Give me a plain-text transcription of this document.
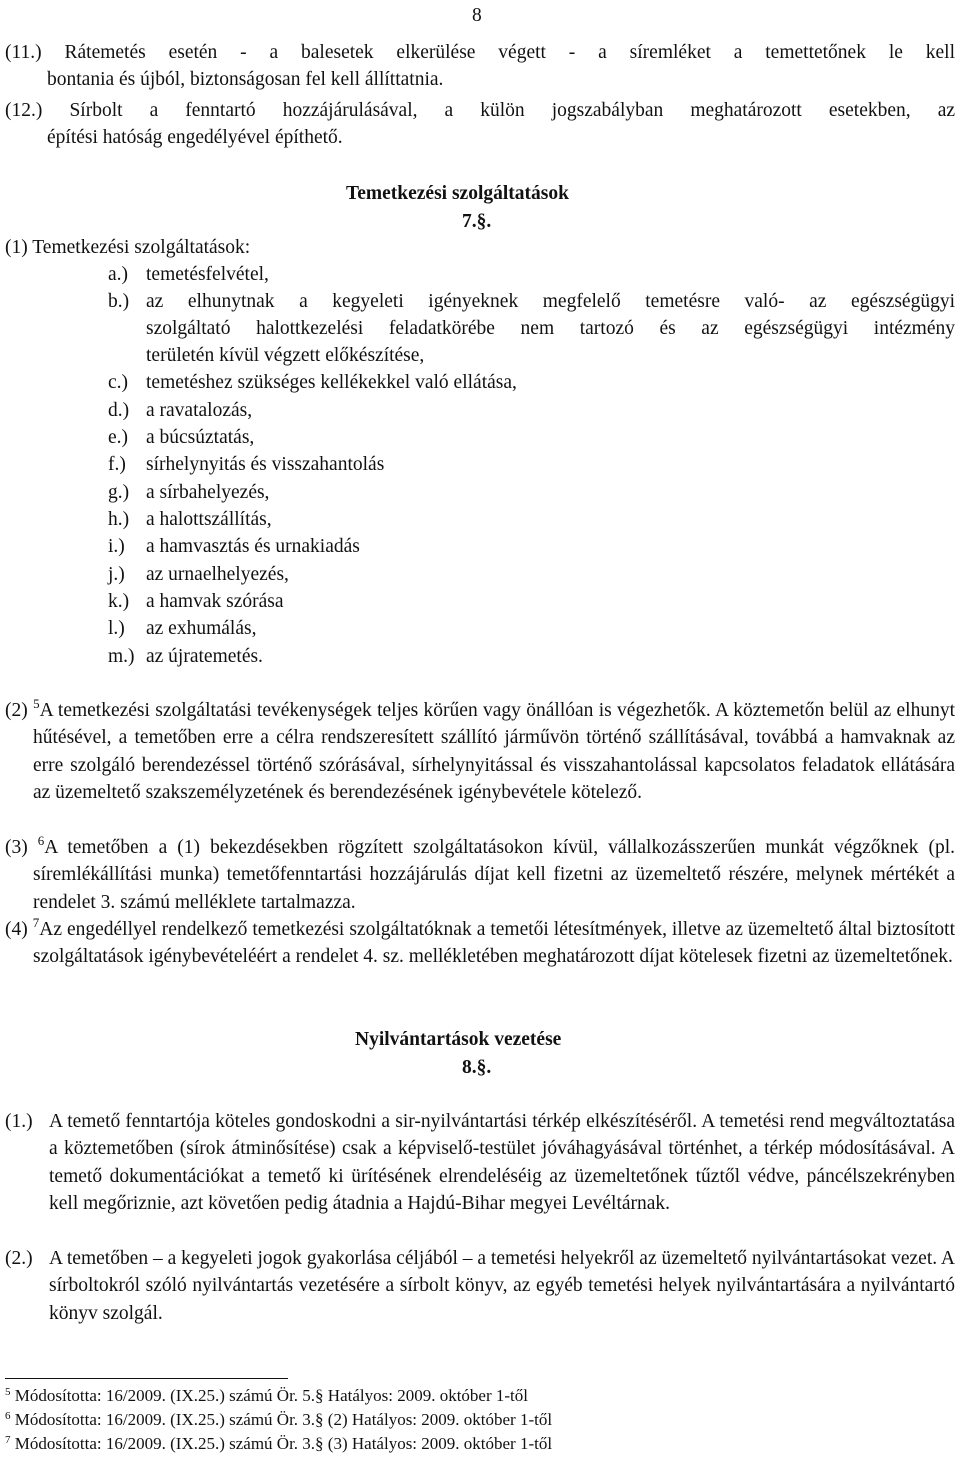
8
(11.) Rátemetés esetén - a balesetek elkerülése végett - a síremléket a temettetőnek le kell
bontania és újból, biztonságosan fel kell állíttatnia.
(12.) Sírbolt a fenntartó hozzájárulásával, a külön jogszabályban meghatározott esetekben, az
építési hatóság engedélyével építhető.
Temetkezési szolgáltatások
7.§.
(1) Temetkezési szolgáltatások:
a.) temetésfelvétel,
b.) az elhunytnak a kegyeleti igényeknek megfelelő temetésre való- az egészségügyi
szolgáltató halottkezelési feladatkörébe nem tartozó és az egészségügyi intézmény
területén kívül végzett előkészítése,
c.) temetéshez szükséges kellékekkel való ellátása,
d.) a ravatalozás,
e.) a búcsúztatás,
f.) sírhelynyitás és visszahantolás
g.) a sírbahelyezés,
h.) a halottszállítás,
i.) a hamvasztás és urnakiadás
j.) az urnaelhelyezés,
k.) a hamvak szórása
l.) az exhumálás,
m.) az újratemetés.
(2) $^5$A temetkezési szolgáltatási tevékenységek teljes körűen vagy önállóan is végezhetők. A köztemetőn belül az elhunyt hűtésével, a temetőben erre a célra rendszeresített szállító járművön történő szállításával, továbbá a hamvaknak az erre szolgáló berendezéssel történő szórásával, sírhelynyitással és visszahantolással kapcsolatos feladatok ellátására az üzemeltető szakszemélyzetének és berendezésének igénybevétele kötelező.
(3) $^6$A temetőben a (1) bekezdésekben rögzített szolgáltatásokon kívül, vállalkozásszerűen munkát végzőknek (pl. síremlékállítási munka) temetőfenntartási hozzájárulás díjat kell fizetni az üzemeltető részére, melynek mértékét a rendelet 3. számú melléklete tartalmazza.
(4) $^7$Az engedéllyel rendelkező temetkezési szolgáltatóknak a temetői létesítmények, illetve az üzemeltető által biztosított szolgáltatások igénybevételéért a rendelet 4. sz. mellékletében meghatározott díjat kötelesek fizetni az üzemeltetőnek.
Nyilvántartások vezetése
8.§.
(1.) A temető fenntartója köteles gondoskodni a sir-nyilvántartási térkép elkészítéséről. A temetési rend megváltoztatása a köztemetőben (sírok átminősítése) csak a képviselő-testület jóváhagyásával történhet, a térkép módosításával. A temető dokumentációkat a temető ki ürítésének elrendeléséig az üzemeltetőnek tűztől védve, páncélszekrényben kell megőriznie, azt követően pedig átadnia a Hajdú-Bihar megyei Levéltárnak.
(2.) A temetőben – a kegyeleti jogok gyakorlása céljából – a temetési helyekről az üzemeltető nyilvántartásokat vezet. A sírboltokról szóló nyilvántartás vezetésére a sírbolt könyv, az egyéb temetési helyek nyilvántartására a nyilvántartó könyv szolgál.
$^5$ Módosította: 16/2009. (IX.25.) számú Ör. 5.§ Hatályos: 2009. október 1-től
$^6$ Módosította: 16/2009. (IX.25.) számú Ör. 3.§ (2) Hatályos: 2009. október 1-től
$^7$ Módosította: 16/2009. (IX.25.) számú Ör. 3.§ (3) Hatályos: 2009. október 1-től
